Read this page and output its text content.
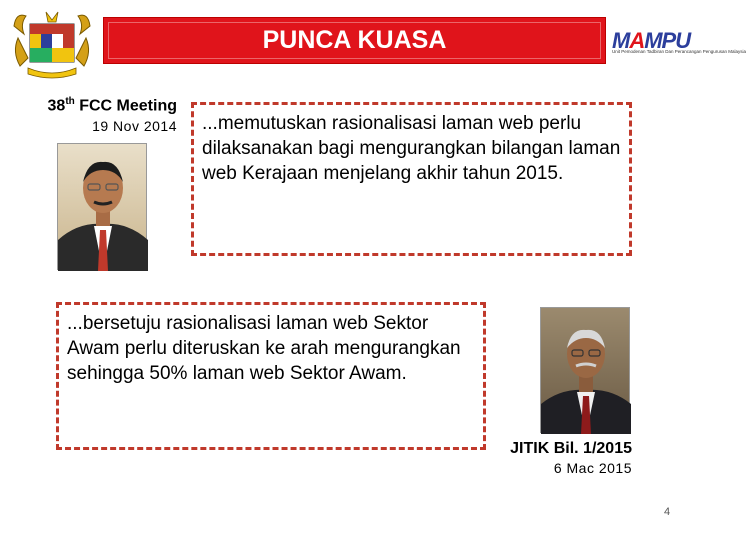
PUNCA KUASA	MAMPU
Unit Pemodenan Tadbiran Dan Perancangan Pengurusan Malaysia
38th FCC Meeting
19 Nov 2014	...memutuskan rasionalisasi laman web perlu dilaksanakan bagi mengurangkan bilangan laman web Kerajaan menjelang akhir tahun 2015.
...bersetuju rasionalisasi laman web Sektor Awam perlu diteruskan ke arah mengurangkan sehingga 50% laman web Sektor Awam.
JITIK Bil. 1/2015
6 Mac 2015
4
